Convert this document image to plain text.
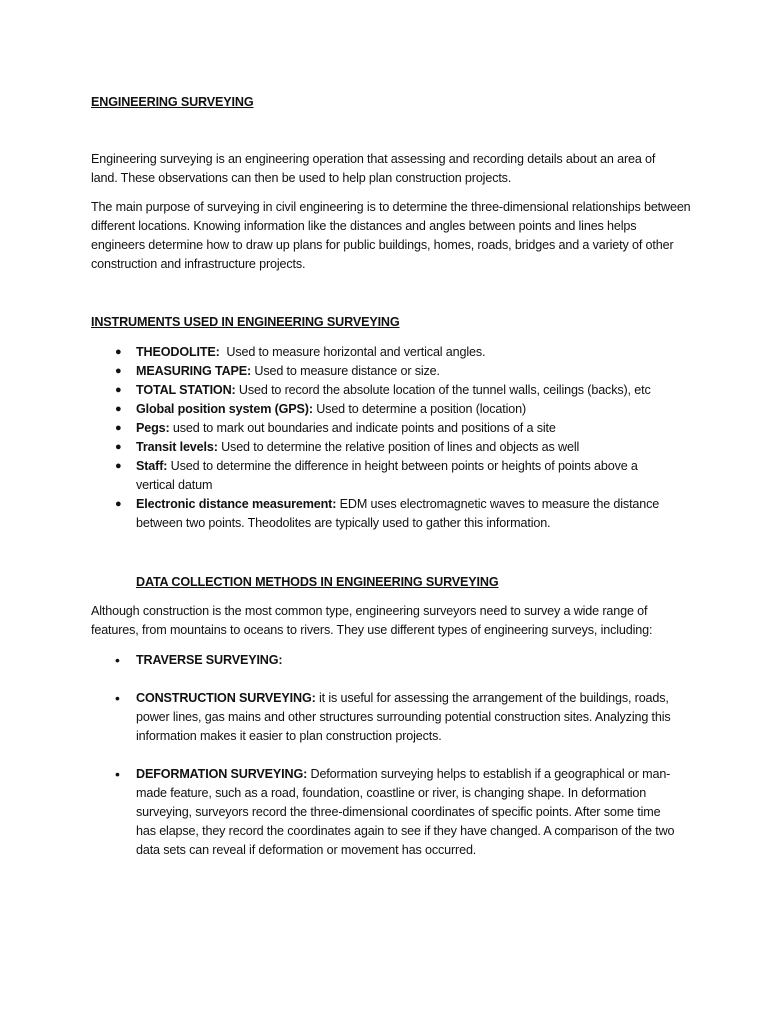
ENGINEERING SURVEYING
Engineering surveying is an engineering operation that assessing and recording details about an area of land. These observations can then be used to help plan construction projects.
The main purpose of surveying in civil engineering is to determine the three-dimensional relationships between different locations. Knowing information like the distances and angles between points and lines helps engineers determine how to draw up plans for public buildings, homes, roads, bridges and a variety of other construction and infrastructure projects.
INSTRUMENTS USED IN ENGINEERING SURVEYING
● THEODOLITE:  Used to measure horizontal and vertical angles.
● MEASURING TAPE: Used to measure distance or size.
● TOTAL STATION: Used to record the absolute location of the tunnel walls, ceilings (backs), etc
● Global position system (GPS): Used to determine a position (location)
● Pegs: used to mark out boundaries and indicate points and positions of a site
● Transit levels: Used to determine the relative position of lines and objects as well
● Staff: Used to determine the difference in height between points or heights of points above a vertical datum
● Electronic distance measurement: EDM uses electromagnetic waves to measure the distance between two points. Theodolites are typically used to gather this information.
DATA COLLECTION METHODS IN ENGINEERING SURVEYING
Although construction is the most common type, engineering surveyors need to survey a wide range of features, from mountains to oceans to rivers. They use different types of engineering surveys, including:
• TRAVERSE SURVEYING:
• CONSTRUCTION SURVEYING: it is useful for assessing the arrangement of the buildings, roads, power lines, gas mains and other structures surrounding potential construction sites. Analyzing this information makes it easier to plan construction projects.
• DEFORMATION SURVEYING: Deformation surveying helps to establish if a geographical or man-made feature, such as a road, foundation, coastline or river, is changing shape. In deformation surveying, surveyors record the three-dimensional coordinates of specific points. After some time has elapse, they record the coordinates again to see if they have changed. A comparison of the two data sets can reveal if deformation or movement has occurred.
